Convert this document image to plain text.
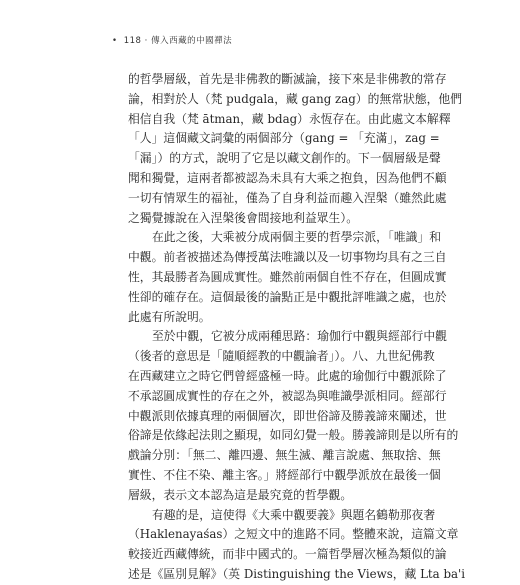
• 118 · 傳入西藏的中國禪法
的哲學層級，首先是非佛教的斷滅論，接下來是非佛教的常存
論，相對於人（梵 pudgala，藏 gang zag）的無常狀態，他們
相信自我（梵 ātman，藏 bdag）永恆存在。由此處文本解釋
「人」這個藏文詞彙的兩個部分（gang = 「充滿」，zag =
「漏」）的方式，說明了它是以藏文創作的。下一個層級是聲
聞和獨覺，這兩者都被認為未具有大乘之抱負，因為他們不顧
一切有情眾生的福祉，僅為了自身利益而趣入涅槃（雖然此處
之獨覺據說在入涅槃後會間接地利益眾生）。
在此之後，大乘被分成兩個主要的哲學宗派，「唯識」和
中觀。前者被描述為傳授萬法唯識以及一切事物均具有之三自
性，其最勝者為圓成實性。雖然前兩個自性不存在，但圓成實
性卻的確存在。這個最後的論點正是中觀批評唯識之處，也於
此處有所說明。
至於中觀，它被分成兩種思路：瑜伽行中觀與經部行中觀
（後者的意思是「隨順經教的中觀論者」）。八、九世紀佛教
在西藏建立之時它們曾經盛極一時。此處的瑜伽行中觀派除了
不承認圓成實性的存在之外，被認為與唯識學派相同。經部行
中觀派則依據真理的兩個層次，即世俗諦及勝義諦來闡述，世
俗諦是依緣起法則之顯現，如同幻覺一般。勝義諦則是以所有的
戲論分別：「無二、離四邊、無生滅、離言說處、無取捨、無
實性、不住不染、離主客。」將經部行中觀學派放在最後一個
層級，表示文本認為這是最究竟的哲學觀。
有趣的是，這使得《大乘中觀要義》與題名鶴勒那夜奢
（Haklenayaśas）之短文中的進路不同。整體來說，這篇文章
較接近西藏傳統，而非中國式的。一篇哲學層次極為類似的論
述是《區別見解》（英 Distinguishing the Views，藏 Lta ba'i
